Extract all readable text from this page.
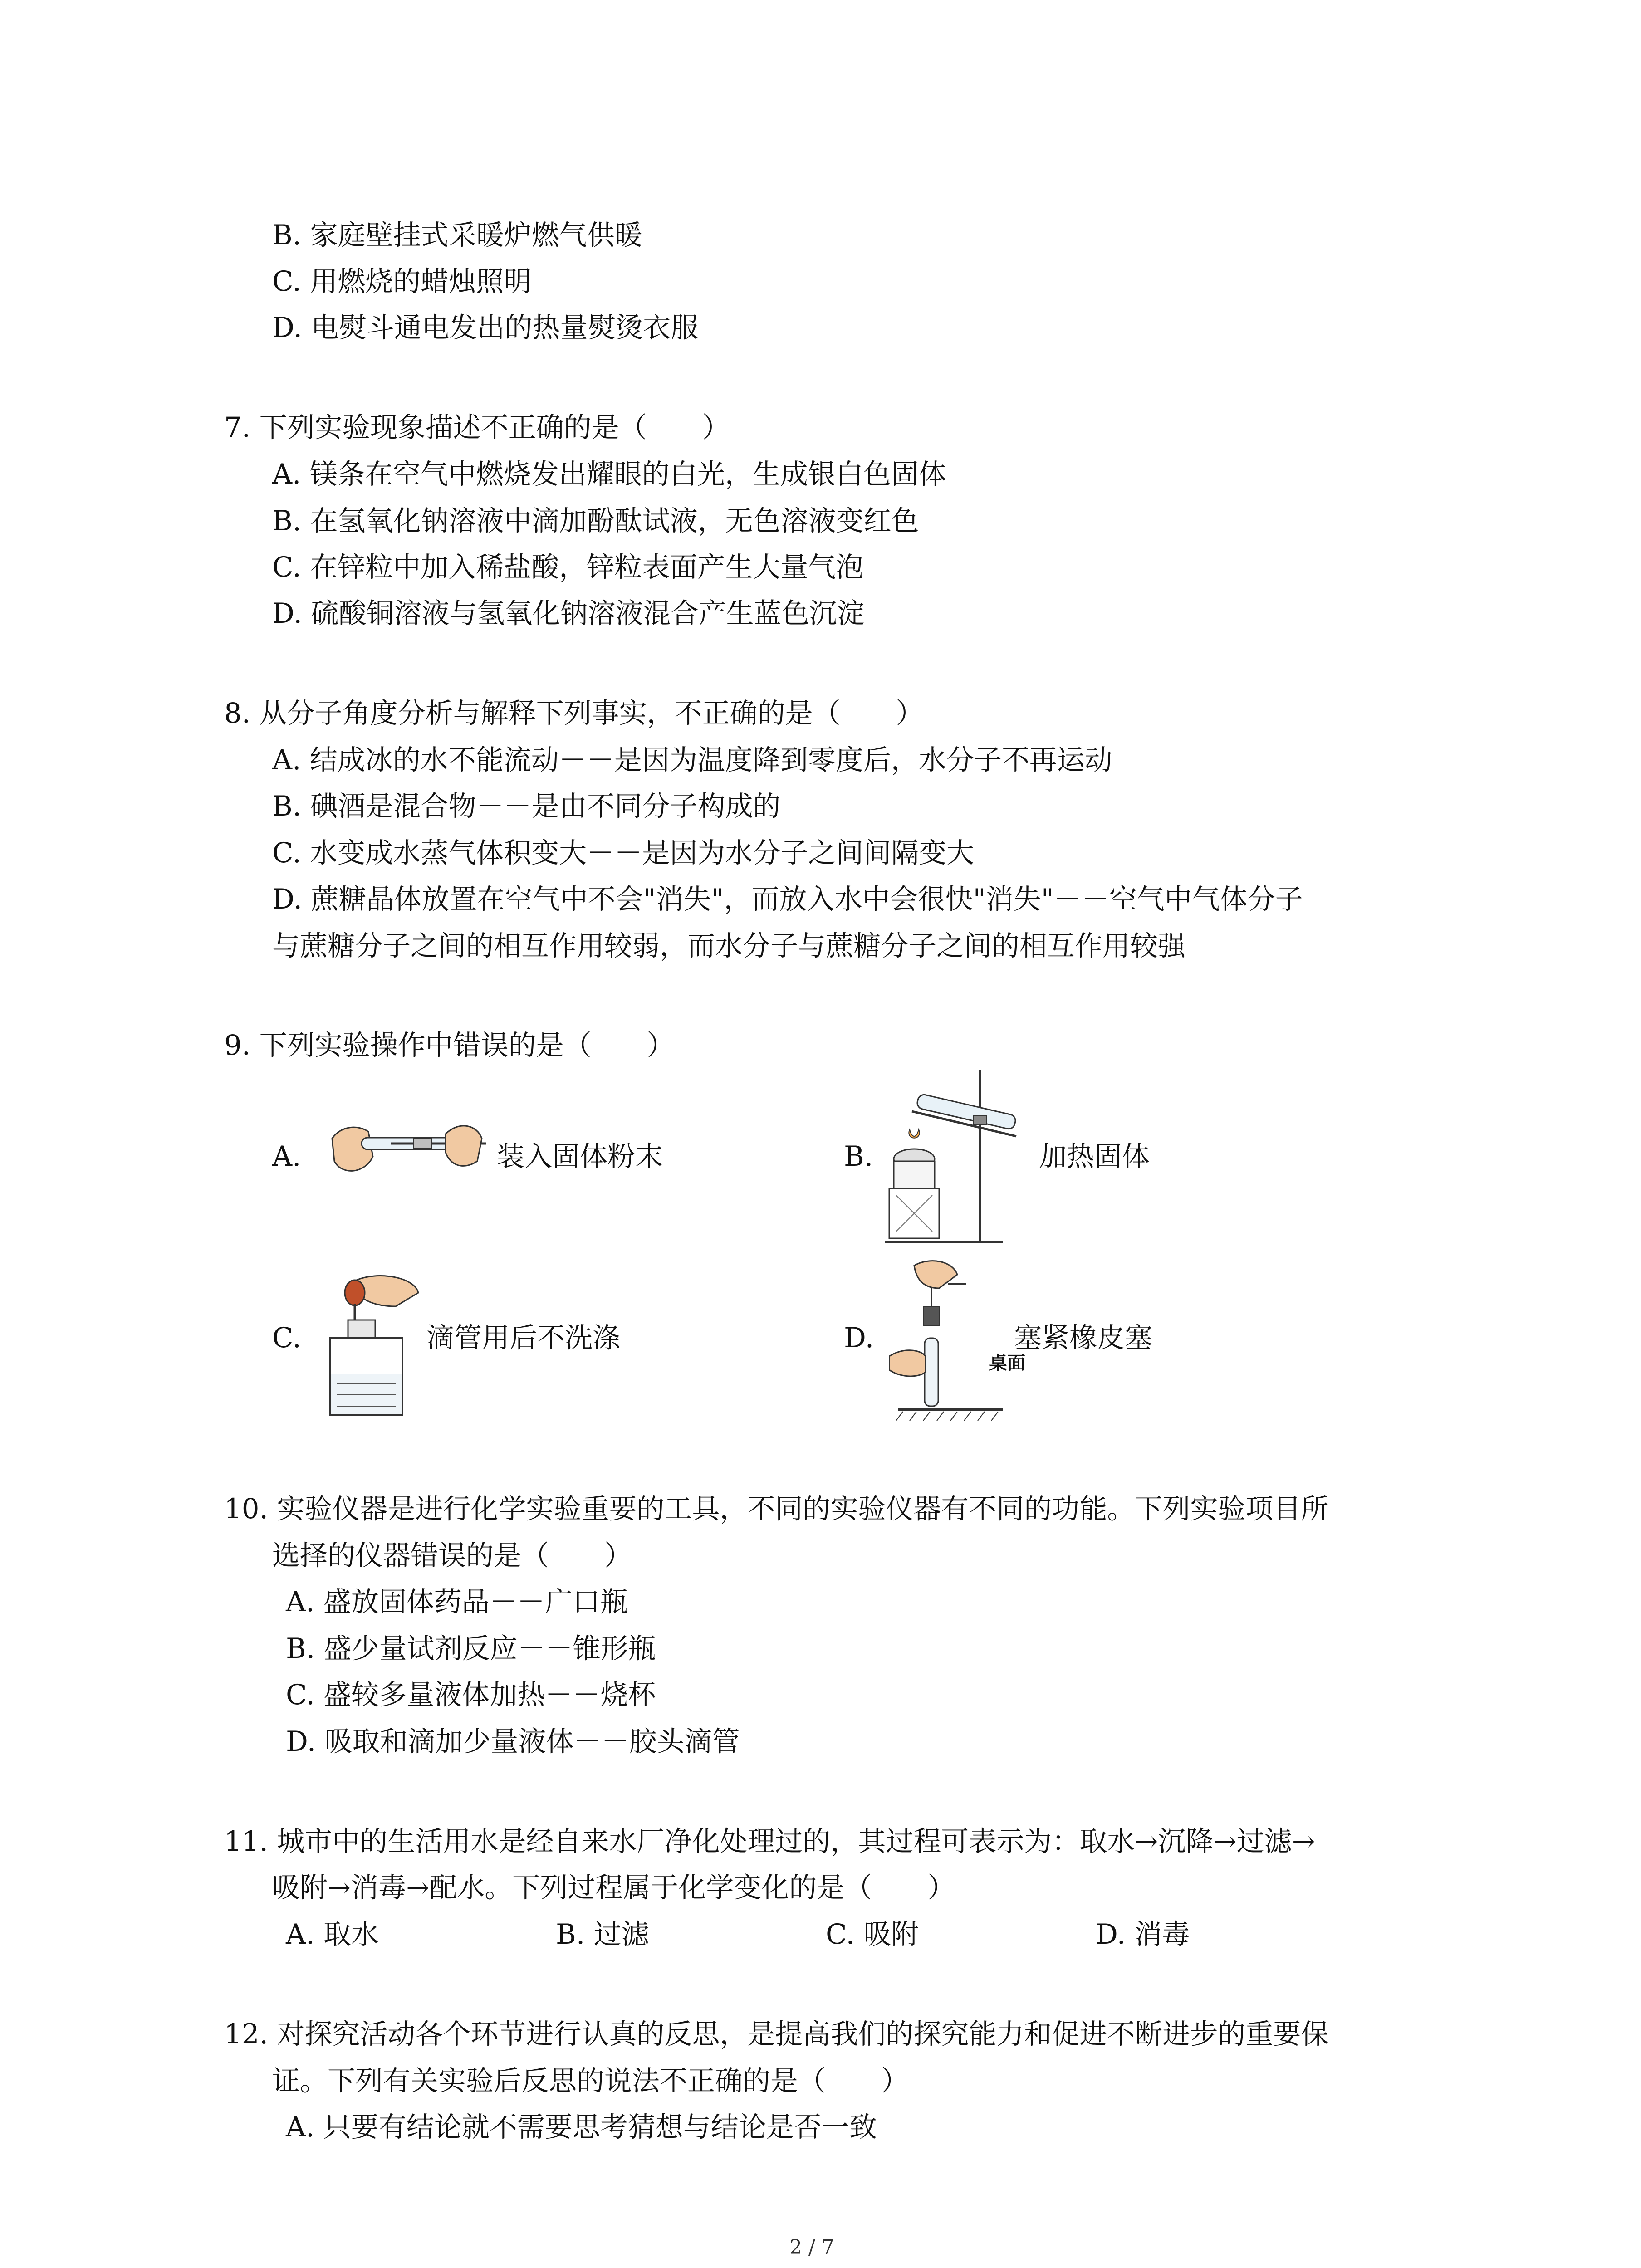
B. 家庭壁挂式采暖炉燃气供暖
C. 用燃烧的蜡烛照明
D. 电熨斗通电发出的热量熨烫衣服
7. 下列实验现象描述不正确的是（　　）
A. 镁条在空气中燃烧发出耀眼的白光，生成银白色固体
B. 在氢氧化钠溶液中滴加酚酞试液，无色溶液变红色
C. 在锌粒中加入稀盐酸，锌粒表面产生大量气泡
D. 硫酸铜溶液与氢氧化钠溶液混合产生蓝色沉淀
8. 从分子角度分析与解释下列事实，不正确的是（　　）
A. 结成冰的水不能流动－－是因为温度降到零度后，水分子不再运动
B. 碘酒是混合物－－是由不同分子构成的
C. 水变成水蒸气体积变大－－是因为水分子之间间隔变大
D. 蔗糖晶体放置在空气中不会"消失"，而放入水中会很快"消失"－－空气中气体分子
与蔗糖分子之间的相互作用较弱，而水分子与蔗糖分子之间的相互作用较强
9. 下列实验操作中错误的是（　　）
A.	装入固体粉末	B.	加热固体
C.	滴管用后不洗涤	D.
桌面
塞紧橡皮塞
10. 实验仪器是进行化学实验重要的工具，不同的实验仪器有不同的功能。下列实验项目所
选择的仪器错误的是（　　）
A. 盛放固体药品－－广口瓶
B. 盛少量试剂反应－－锥形瓶
C. 盛较多量液体加热－－烧杯
D. 吸取和滴加少量液体－－胶头滴管
11. 城市中的生活用水是经自来水厂净化处理过的，其过程可表示为：取水→沉降→过滤→
吸附→消毒→配水。下列过程属于化学变化的是（　　）
A. 取水	B. 过滤	C. 吸附	D. 消毒
12. 对探究活动各个环节进行认真的反思，是提高我们的探究能力和促进不断进步的重要保
证。下列有关实验后反思的说法不正确的是（　　）
A. 只要有结论就不需要思考猜想与结论是否一致
2 / 7
